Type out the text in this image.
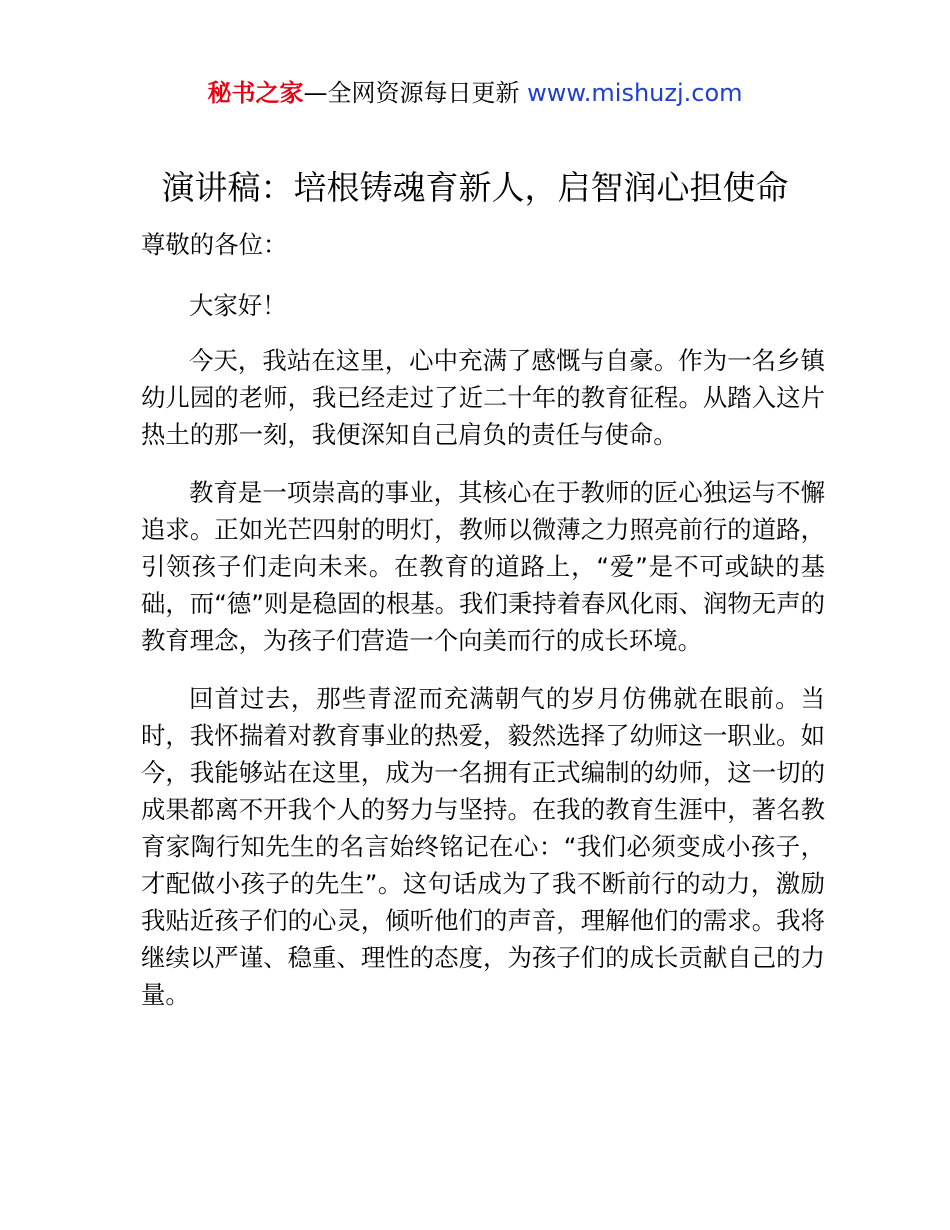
秘书之家—全网资源每日更新 www.mishuzj.com
演讲稿：培根铸魂育新人，启智润心担使命

尊敬的各位：

大家好！

今天，我站在这里，心中充满了感慨与自豪。作为一名乡镇幼儿园的老师，我已经走过了近二十年的教育征程。从踏入这片热土的那一刻，我便深知自己肩负的责任与使命。

教育是一项崇高的事业，其核心在于教师的匠心独运与不懈追求。正如光芒四射的明灯，教师以微薄之力照亮前行的道路，引领孩子们走向未来。在教育的道路上，“爱”是不可或缺的基础，而“德”则是稳固的根基。我们秉持着春风化雨、润物无声的教育理念，为孩子们营造一个向美而行的成长环境。

回首过去，那些青涩而充满朝气的岁月仿佛就在眼前。当时，我怀揣着对教育事业的热爱，毅然选择了幼师这一职业。如今，我能够站在这里，成为一名拥有正式编制的幼师，这一切的成果都离不开我个人的努力与坚持。在我的教育生涯中，著名教育家陶行知先生的名言始终铭记在心：“我们必须变成小孩子，才配做小孩子的先生”。这句话成为了我不断前行的动力，激励我贴近孩子们的心灵，倾听他们的声音，理解他们的需求。我将继续以严谨、稳重、理性的态度，为孩子们的成长贡献自己的力量。
